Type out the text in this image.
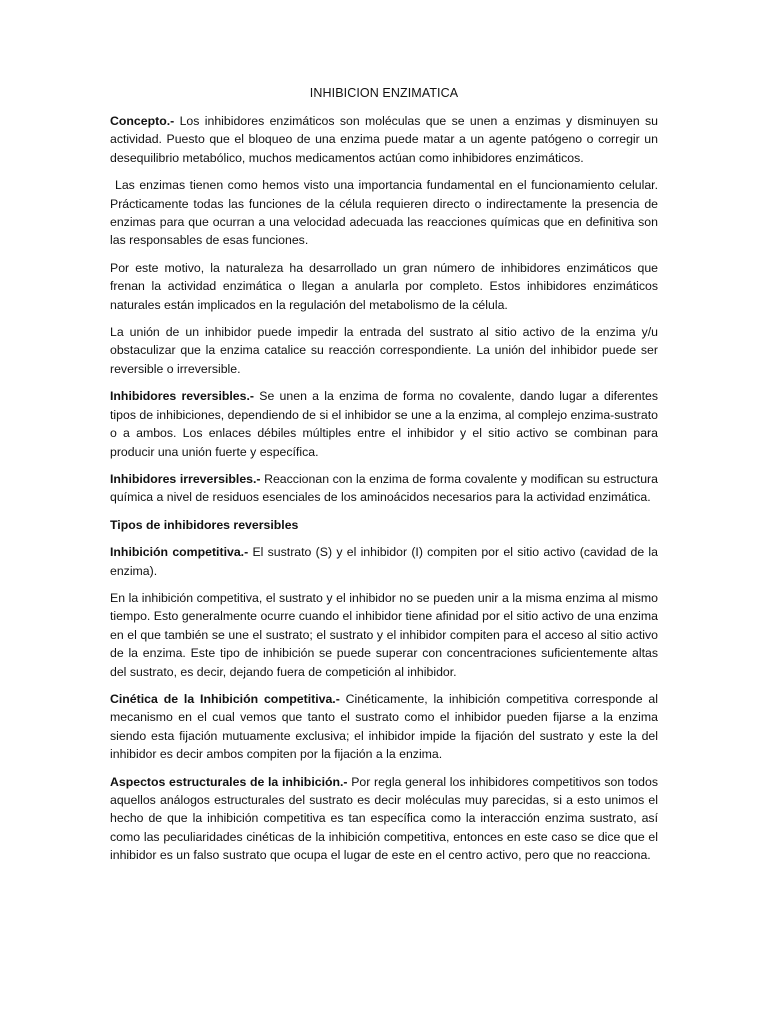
INHIBICION ENZIMATICA

Concepto.- Los inhibidores enzimáticos son moléculas que se unen a enzimas y disminuyen su actividad. Puesto que el bloqueo de una enzima puede matar a un agente patógeno o corregir un desequilibrio metabólico, muchos medicamentos actúan como inhibidores enzimáticos.

Las enzimas tienen como hemos visto una importancia fundamental en el funcionamiento celular. Prácticamente todas las funciones de la célula requieren directo o indirectamente la presencia de enzimas para que ocurran a una velocidad adecuada las reacciones químicas que en definitiva son las responsables de esas funciones.

Por este motivo, la naturaleza ha desarrollado un gran número de inhibidores enzimáticos que frenan la actividad enzimática o llegan a anularla por completo. Estos inhibidores enzimáticos naturales están implicados en la regulación del metabolismo de la célula.

La unión de un inhibidor puede impedir la entrada del sustrato al sitio activo de la enzima y/u obstaculizar que la enzima catalice su reacción correspondiente. La unión del inhibidor puede ser reversible o irreversible.

Inhibidores reversibles.- Se unen a la enzima de forma no covalente, dando lugar a diferentes tipos de inhibiciones, dependiendo de si el inhibidor se une a la enzima, al complejo enzima-sustrato o a ambos. Los enlaces débiles múltiples entre el inhibidor y el sitio activo se combinan para producir una unión fuerte y específica.

Inhibidores irreversibles.- Reaccionan con la enzima de forma covalente y modifican su estructura química a nivel de residuos esenciales de los aminoácidos necesarios para la actividad enzimática.

Tipos de inhibidores reversibles

Inhibición competitiva.- El sustrato (S) y el inhibidor (I) compiten por el sitio activo (cavidad de la enzima).

En la inhibición competitiva, el sustrato y el inhibidor no se pueden unir a la misma enzima al mismo tiempo. Esto generalmente ocurre cuando el inhibidor tiene afinidad por el sitio activo de una enzima en el que también se une el sustrato; el sustrato y el inhibidor compiten para el acceso al sitio activo de la enzima. Este tipo de inhibición se puede superar con concentraciones suficientemente altas del sustrato, es decir, dejando fuera de competición al inhibidor.

Cinética de la Inhibición competitiva.- Cinéticamente, la inhibición competitiva corresponde al mecanismo en el cual vemos que tanto el sustrato como el inhibidor pueden fijarse a la enzima siendo esta fijación mutuamente exclusiva; el inhibidor impide la fijación del sustrato y este la del inhibidor es decir ambos compiten por la fijación a la enzima.

Aspectos estructurales de la inhibición.- Por regla general los inhibidores competitivos son todos aquellos análogos estructurales del sustrato es decir moléculas muy parecidas, si a esto unimos el hecho de que la inhibición competitiva es tan específica como la interacción enzima sustrato, así como las peculiaridades cinéticas de la inhibición competitiva, entonces en este caso se dice que el inhibidor es un falso sustrato que ocupa el lugar de este en el centro activo, pero que no reacciona.
